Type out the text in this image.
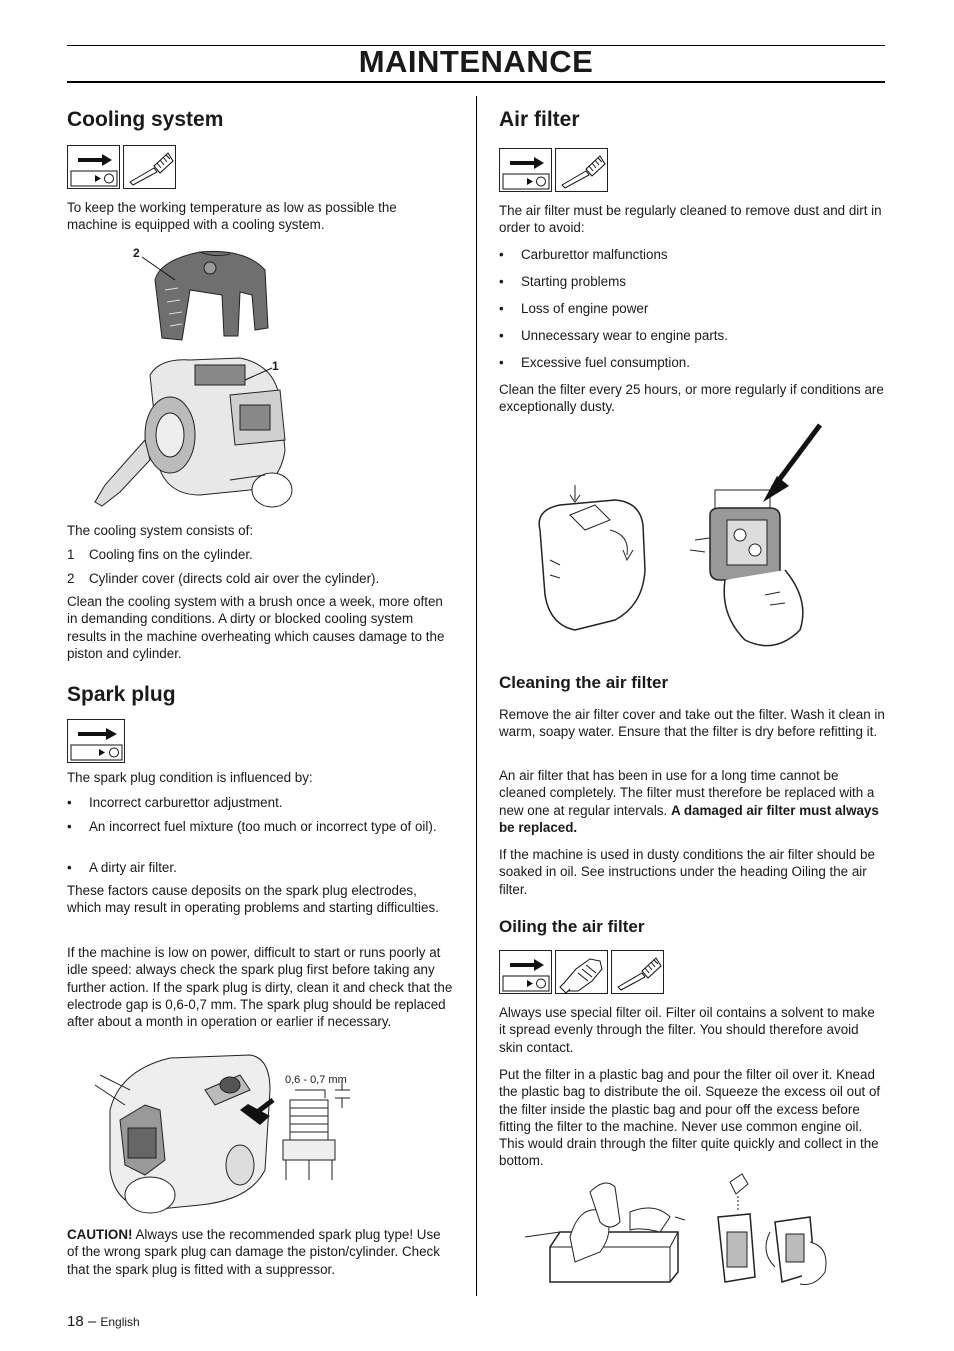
MAINTENANCE
Cooling system

To keep the working temperature as low as possible the machine is equipped with a cooling system.

2
1

The cooling system consists of:

1	Cooling fins on the cylinder.
2	Cylinder cover (directs cold air over the cylinder).

Clean the cooling system with a brush once a week, more often in demanding conditions. A dirty or blocked cooling system results in the machine overheating which causes damage to the piston and cylinder.

Spark plug

The spark plug condition is influenced by:

•	Incorrect carburettor adjustment.
•	An incorrect fuel mixture (too much or incorrect type of oil).
•	A dirty air filter.

These factors cause deposits on the spark plug electrodes, which may result in operating problems and starting difficulties.

If the machine is low on power, difficult to start or runs poorly at idle speed: always check the spark plug first before taking any further action. If the spark plug is dirty, clean it and check that the electrode gap is 0,6-0,7 mm. The spark plug should be replaced after about a month in operation or earlier if necessary.

0,6 - 0,7 mm

CAUTION! Always use the recommended spark plug type! Use of the wrong spark plug can damage the piston/cylinder. Check that the spark plug is fitted with a suppressor.

Air filter

The air filter must be regularly cleaned to remove dust and dirt in order to avoid:

•	Carburettor malfunctions
•	Starting problems
•	Loss of engine power
•	Unnecessary wear to engine parts.
•	Excessive fuel consumption.

Clean the filter every 25 hours, or more regularly if conditions are exceptionally dusty.

Cleaning the air filter

Remove the air filter cover and take out the filter. Wash it clean in warm, soapy water. Ensure that the filter is dry before refitting it.

An air filter that has been in use for a long time cannot be cleaned completely. The filter must therefore be replaced with a new one at regular intervals. A damaged air filter must always be replaced.

If the machine is used in dusty conditions the air filter should be soaked in oil. See instructions under the heading Oiling the air filter.

Oiling the air filter

Always use special filter oil. Filter oil contains a solvent to make it spread evenly through the filter. You should therefore avoid skin contact.

Put the filter in a plastic bag and pour the filter oil over it. Knead the plastic bag to distribute the oil. Squeeze the excess oil out of the filter inside the plastic bag and pour off the excess before fitting the filter to the machine. Never use common engine oil. This would drain through the filter quite quickly and collect in the bottom.

18 – English
